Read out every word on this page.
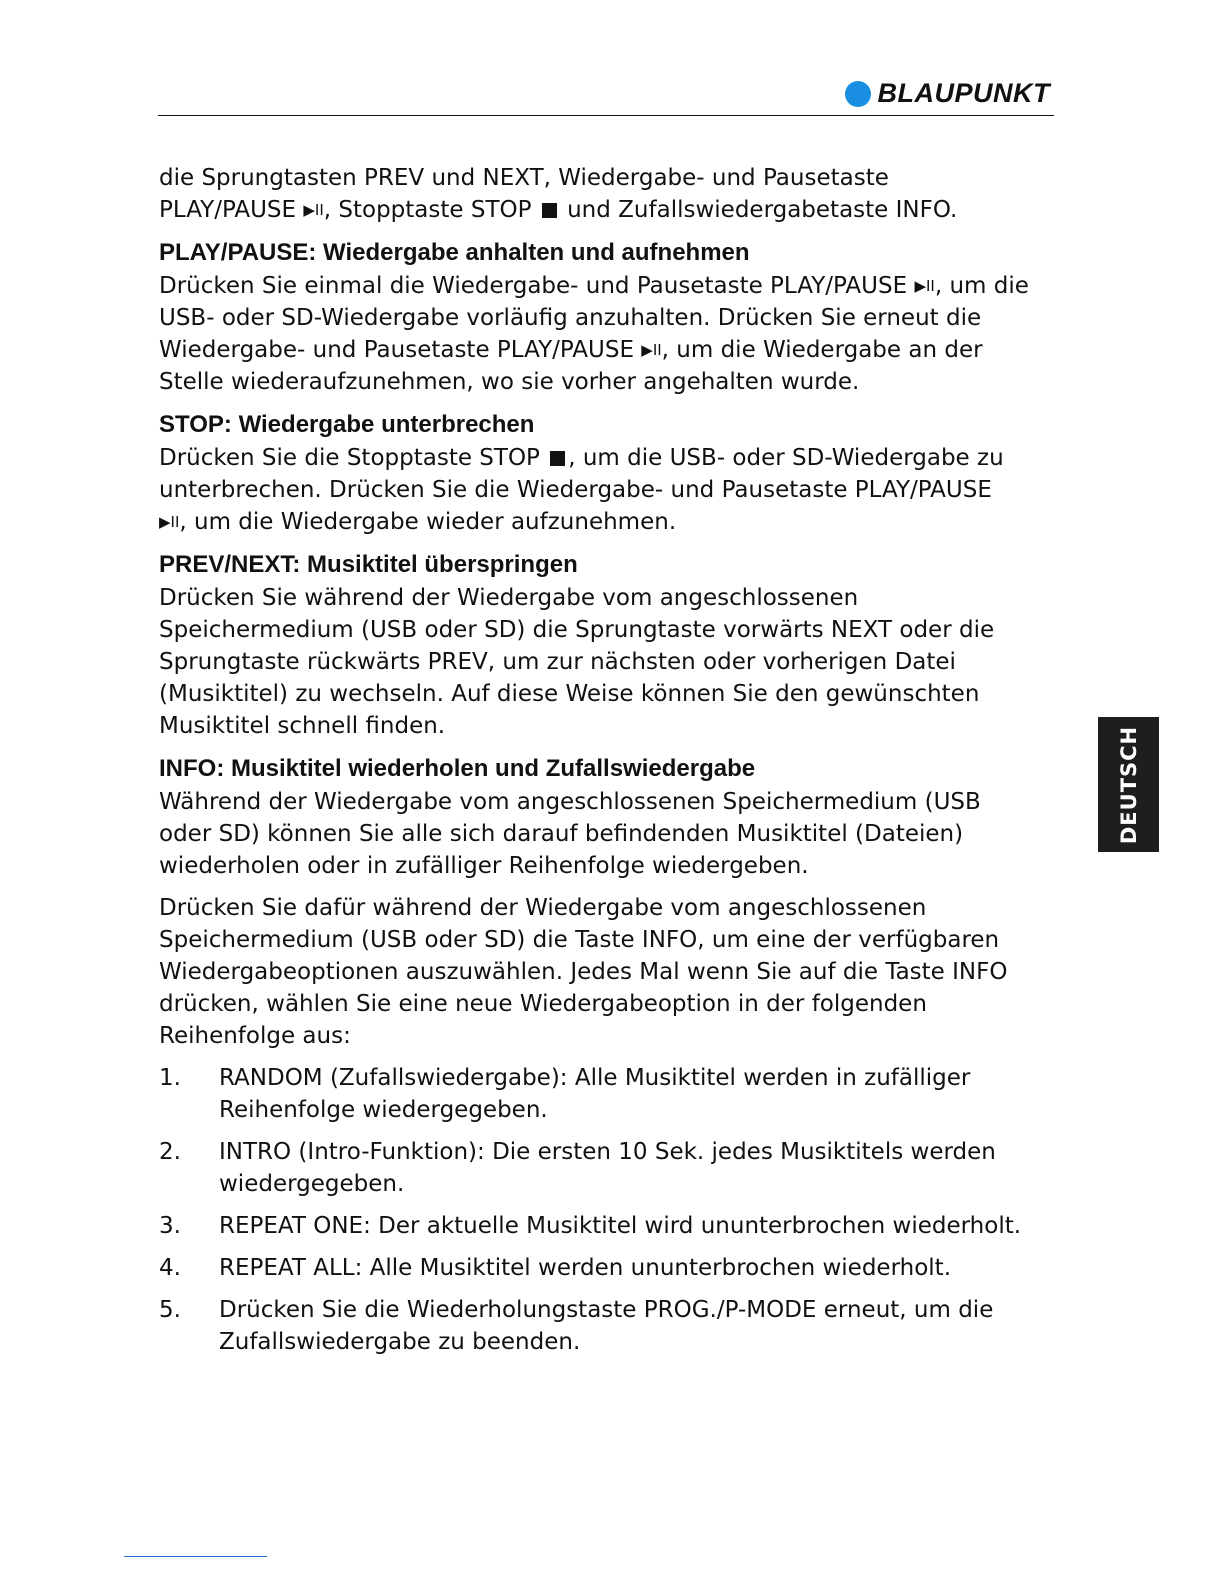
BLAUPUNKT

die Sprungtasten PREV und NEXT, Wiedergabe- und Pausetaste
PLAY/PAUSE ▶II, Stopptaste STOP  und Zufallswiedergabetaste INFO.

PLAY/PAUSE: Wiedergabe anhalten und aufnehmen

Drücken Sie einmal die Wiedergabe- und Pausetaste PLAY/PAUSE ▶II, um die USB- oder SD-Wiedergabe vorläufig anzuhalten. Drücken Sie erneut die Wiedergabe- und Pausetaste PLAY/PAUSE ▶II, um die Wiedergabe an der Stelle wiederaufzunehmen, wo sie vorher angehalten wurde.

STOP: Wiedergabe unterbrechen

Drücken Sie die Stopptaste STOP , um die USB- oder SD-Wiedergabe zu unterbrechen. Drücken Sie die Wiedergabe- und Pausetaste PLAY/PAUSE
▶II, um die Wiedergabe wieder aufzunehmen.

PREV/NEXT: Musiktitel überspringen

Drücken Sie während der Wiedergabe vom angeschlossenen Speichermedium (USB oder SD) die Sprungtaste vorwärts NEXT oder die Sprungtaste rückwärts PREV, um zur nächsten oder vorherigen Datei (Musiktitel) zu wechseln. Auf diese Weise können Sie den gewünschten Musiktitel schnell finden.

INFO: Musiktitel wiederholen und Zufallswiedergabe

Während der Wiedergabe vom angeschlossenen Speichermedium (USB oder SD) können Sie alle sich darauf befindenden Musiktitel (Dateien) wiederholen oder in zufälliger Reihenfolge wiedergeben.

Drücken Sie dafür während der Wiedergabe vom angeschlossenen Speichermedium (USB oder SD) die Taste INFO, um eine der verfügbaren Wiedergabeoptionen auszuwählen. Jedes Mal wenn Sie auf die Taste INFO drücken, wählen Sie eine neue Wiedergabeoption in der folgenden Reihenfolge aus:

1. RANDOM (Zufallswiedergabe): Alle Musiktitel werden in zufälliger Reihenfolge wiedergegeben.
2. INTRO (Intro-Funktion): Die ersten 10 Sek. jedes Musiktitels werden wiedergegeben.
3. REPEAT ONE: Der aktuelle Musiktitel wird ununterbrochen wiederholt.
4. REPEAT ALL: Alle Musiktitel werden ununterbrochen wiederholt.
5. Drücken Sie die Wiederholungstaste PROG./P-MODE erneut, um die Zufallswiedergabe zu beenden.
DEUTSCH
